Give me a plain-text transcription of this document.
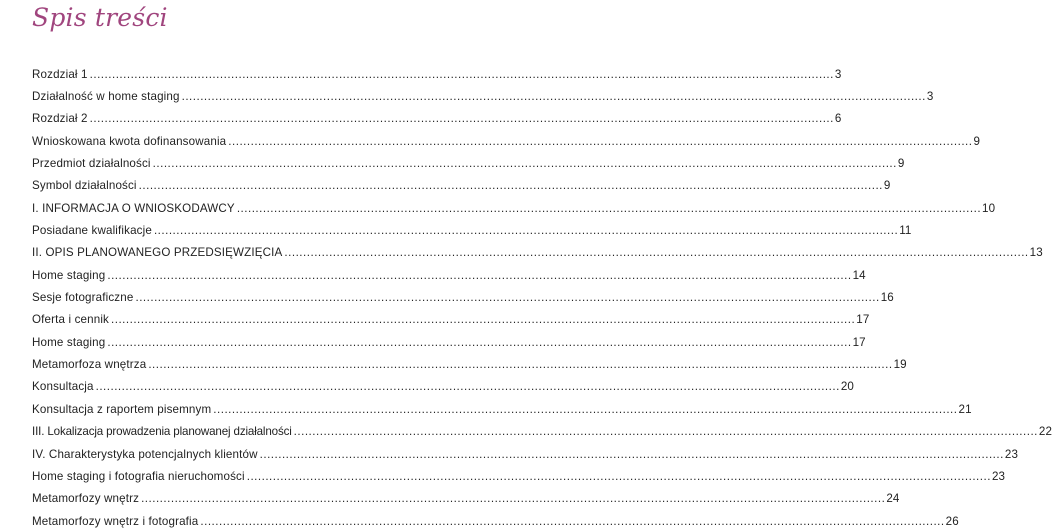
Spis treści
Rozdział 1 ........................................................................................................................................................................................................ 3
Działalność w home staging ........................................................................................................................................................................................................ 3
Rozdział 2 ........................................................................................................................................................................................................ 6
Wnioskowana kwota dofinansowania ........................................................................................................................................................................................................ 9
Przedmiot działalności ........................................................................................................................................................................................................ 9
Symbol działalności ........................................................................................................................................................................................................ 9
I. INFORMACJA O WNIOSKODAWCY ........................................................................................................................................................................................................ 10
Posiadane kwalifikacje ........................................................................................................................................................................................................ 11
II. OPIS PLANOWANEGO PRZEDSIĘWZIĘCIA ........................................................................................................................................................................................................ 13
Home staging ........................................................................................................................................................................................................ 14
Sesje fotograficzne ........................................................................................................................................................................................................ 16
Oferta i cennik ........................................................................................................................................................................................................ 17
Home staging ........................................................................................................................................................................................................ 17
Metamorfoza wnętrza ........................................................................................................................................................................................................ 19
Konsultacja ........................................................................................................................................................................................................ 20
Konsultacja z raportem pisemnym ........................................................................................................................................................................................................ 21
III. Lokalizacja prowadzenia planowanej działalności ........................................................................................................................................................................................................ 22
IV. Charakterystyka potencjalnych klientów ........................................................................................................................................................................................................ 23
Home staging i fotografia nieruchomości ........................................................................................................................................................................................................ 23
Metamorfozy wnętrz ........................................................................................................................................................................................................ 24
Metamorfozy wnętrz i fotografia ........................................................................................................................................................................................................ 26
